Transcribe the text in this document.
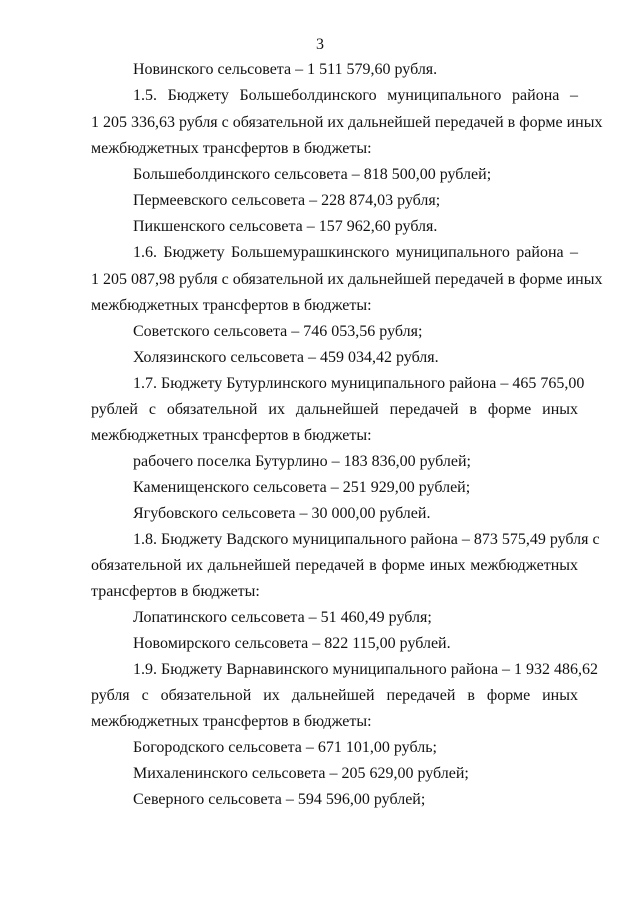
3
Новинского сельсовета – 1 511 579,60 рубля.
1.5. Бюджету Большеболдинского муниципального района –
1 205 336,63 рубля с обязательной их дальнейшей передачей в форме иных
межбюджетных трансфертов в бюджеты:
Большеболдинского сельсовета – 818 500,00 рублей;
Пермеевского сельсовета – 228 874,03 рубля;
Пикшенского сельсовета – 157 962,60 рубля.
1.6. Бюджету Большемурашкинского муниципального района –
1 205 087,98 рубля с обязательной их дальнейшей передачей в форме иных
межбюджетных трансфертов в бюджеты:
Советского сельсовета – 746 053,56 рубля;
Холязинского сельсовета – 459 034,42 рубля.
1.7. Бюджету Бутурлинского муниципального района – 465 765,00
рублей с обязательной их дальнейшей передачей в форме иных
межбюджетных трансфертов в бюджеты:
рабочего поселка Бутурлино – 183 836,00 рублей;
Каменищенского сельсовета – 251 929,00 рублей;
Ягубовского сельсовета – 30 000,00 рублей.
1.8. Бюджету Вадского муниципального района – 873 575,49 рубля с
обязательной их дальнейшей передачей в форме иных межбюджетных
трансфертов в бюджеты:
Лопатинского сельсовета – 51 460,49 рубля;
Новомирского сельсовета – 822 115,00 рублей.
1.9. Бюджету Варнавинского муниципального района – 1 932 486,62
рубля с обязательной их дальнейшей передачей в форме иных
межбюджетных трансфертов в бюджеты:
Богородского сельсовета – 671 101,00 рубль;
Михаленинского сельсовета – 205 629,00 рублей;
Северного сельсовета – 594 596,00 рублей;
